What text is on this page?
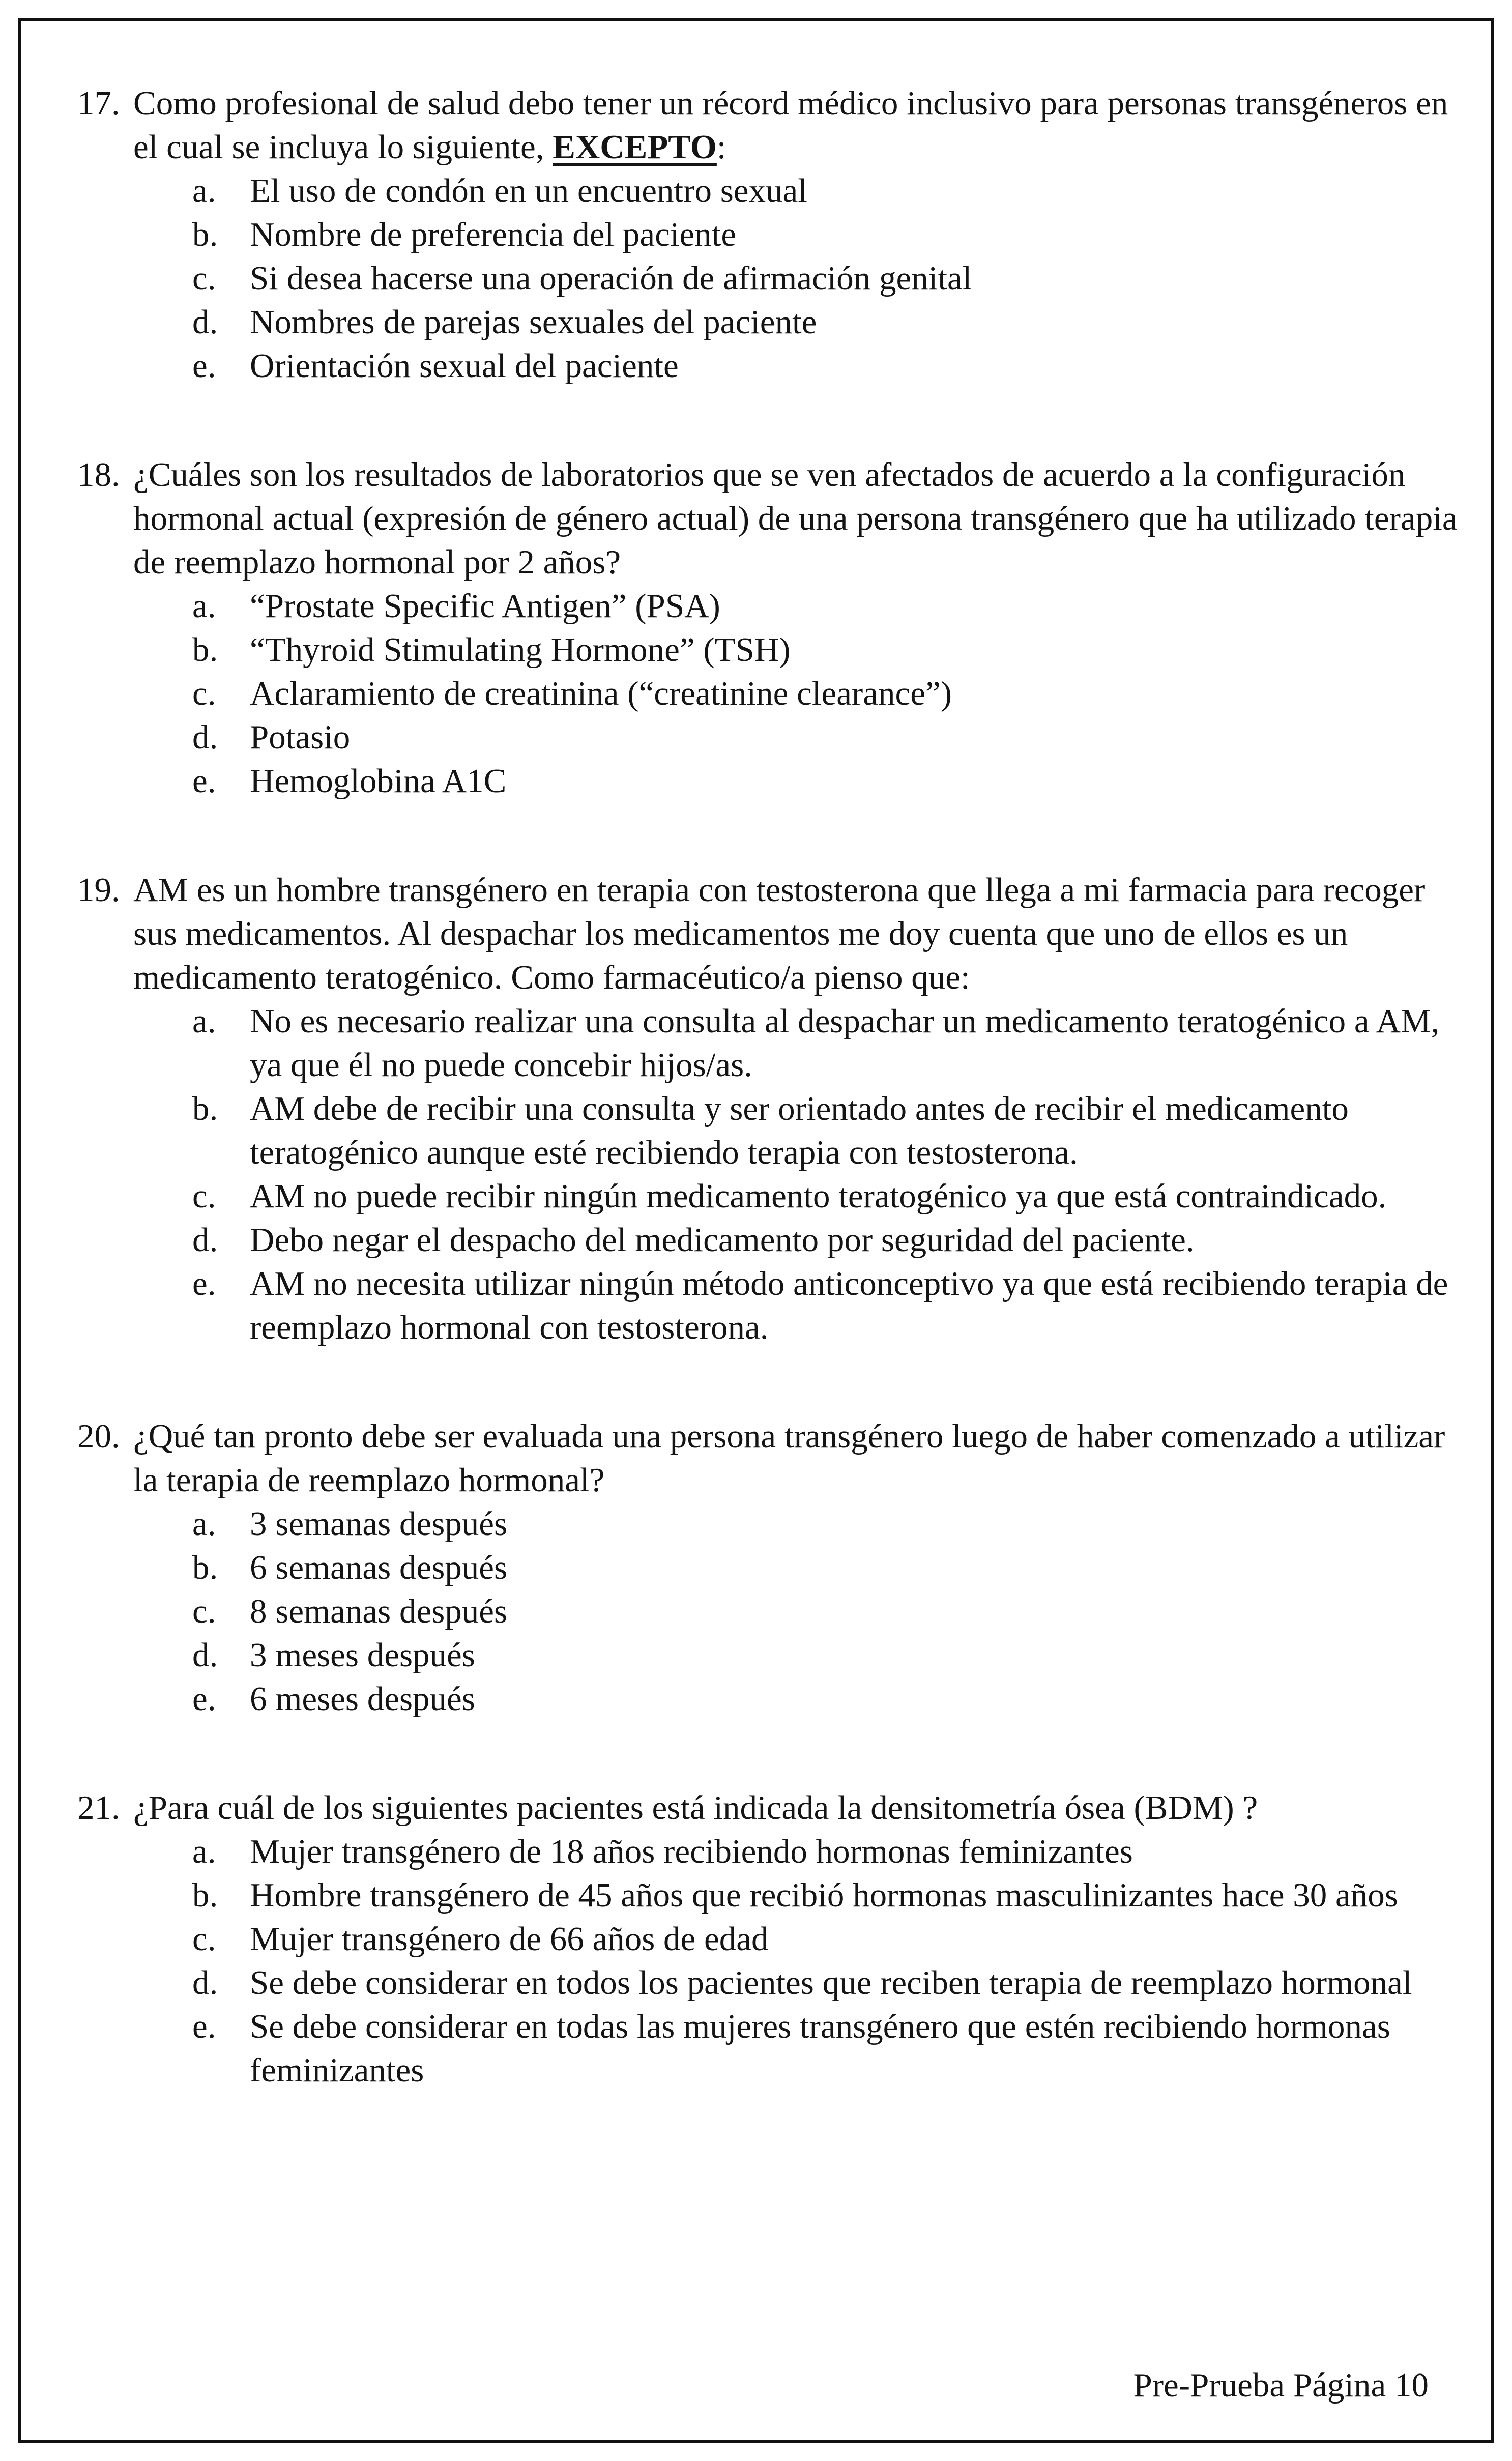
17. Como profesional de salud debo tener un récord médico inclusivo para personas transgéneros en el cual se incluya lo siguiente, EXCEPTO:
a. El uso de condón en un encuentro sexual
b. Nombre de preferencia del paciente
c. Si desea hacerse una operación de afirmación genital
d. Nombres de parejas sexuales del paciente
e. Orientación sexual del paciente
18. ¿Cuáles son los resultados de laboratorios que se ven afectados de acuerdo a la configuración hormonal actual (expresión de género actual) de una persona transgénero que ha utilizado terapia de reemplazo hormonal por 2 años?
a. “Prostate Specific Antigen” (PSA)
b. “Thyroid Stimulating Hormone” (TSH)
c. Aclaramiento de creatinina (“creatinine clearance”)
d. Potasio
e. Hemoglobina A1C
19. AM es un hombre transgénero en terapia con testosterona que llega a mi farmacia para recoger sus medicamentos. Al despachar los medicamentos me doy cuenta que uno de ellos es un medicamento teratogénico. Como farmacéutico/a pienso que:
a. No es necesario realizar una consulta al despachar un medicamento teratogénico a AM, ya que él no puede concebir hijos/as.
b. AM debe de recibir una consulta y ser orientado antes de recibir el medicamento teratogénico aunque esté recibiendo terapia con testosterona.
c. AM no puede recibir ningún medicamento teratogénico ya que está contraindicado.
d. Debo negar el despacho del medicamento por seguridad del paciente.
e. AM no necesita utilizar ningún método anticonceptivo ya que está recibiendo terapia de reemplazo hormonal con testosterona.
20. ¿Qué tan pronto debe ser evaluada una persona transgénero luego de haber comenzado a utilizar la terapia de reemplazo hormonal?
a. 3 semanas después
b. 6 semanas después
c. 8 semanas después
d. 3 meses después
e. 6 meses después
21. ¿Para cuál de los siguientes pacientes está indicada la densitometría ósea (BDM) ?
a. Mujer transgénero de 18 años recibiendo hormonas feminizantes
b. Hombre transgénero de 45 años que recibió hormonas masculinizantes hace 30 años
c. Mujer transgénero de 66 años de edad
d. Se debe considerar en todos los pacientes que reciben terapia de reemplazo hormonal
e. Se debe considerar en todas las mujeres transgénero que estén recibiendo hormonas feminizantes
Pre-Prueba Página 10
